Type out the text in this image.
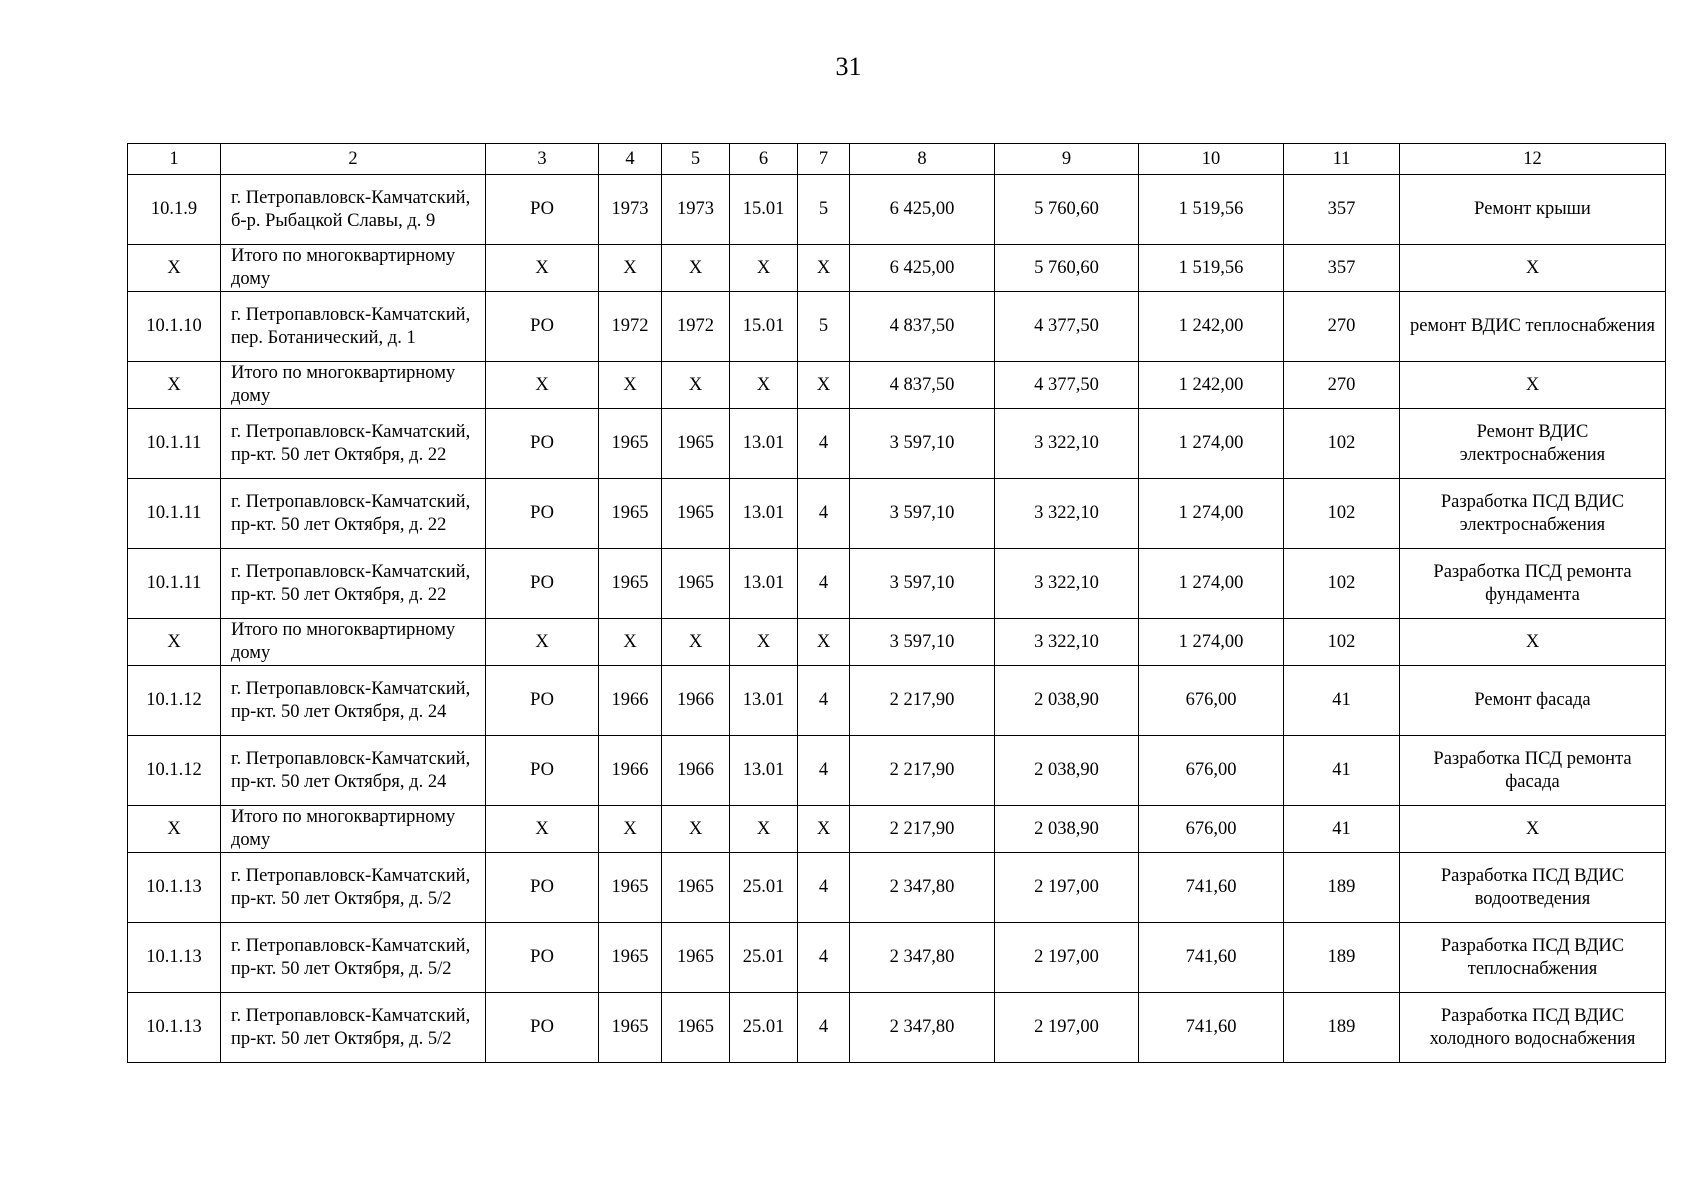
31
1	2	3	4	5	6	7	8	9	10	11	12
10.1.9	г. Петропавловск-Камчатский, б-р. Рыбацкой Славы, д. 9	РО	1973	1973	15.01	5	6 425,00	5 760,60	1 519,56	357	Ремонт крыши
X	Итого по многоквартирному дому	X	X	X	X	X	6 425,00	5 760,60	1 519,56	357	X
10.1.10	г. Петропавловск-Камчатский, пер. Ботанический, д. 1	РО	1972	1972	15.01	5	4 837,50	4 377,50	1 242,00	270	ремонт ВДИС теплоснабжения
X	Итого по многоквартирному дому	X	X	X	X	X	4 837,50	4 377,50	1 242,00	270	X
10.1.11	г. Петропавловск-Камчатский, пр-кт. 50 лет Октября, д. 22	РО	1965	1965	13.01	4	3 597,10	3 322,10	1 274,00	102	Ремонт ВДИС электроснабжения
10.1.11	г. Петропавловск-Камчатский, пр-кт. 50 лет Октября, д. 22	РО	1965	1965	13.01	4	3 597,10	3 322,10	1 274,00	102	Разработка ПСД ВДИС электроснабжения
10.1.11	г. Петропавловск-Камчатский, пр-кт. 50 лет Октября, д. 22	РО	1965	1965	13.01	4	3 597,10	3 322,10	1 274,00	102	Разработка ПСД ремонта фундамента
X	Итого по многоквартирному дому	X	X	X	X	X	3 597,10	3 322,10	1 274,00	102	X
10.1.12	г. Петропавловск-Камчатский, пр-кт. 50 лет Октября, д. 24	РО	1966	1966	13.01	4	2 217,90	2 038,90	676,00	41	Ремонт фасада
10.1.12	г. Петропавловск-Камчатский, пр-кт. 50 лет Октября, д. 24	РО	1966	1966	13.01	4	2 217,90	2 038,90	676,00	41	Разработка ПСД ремонта фасада
X	Итого по многоквартирному дому	X	X	X	X	X	2 217,90	2 038,90	676,00	41	X
10.1.13	г. Петропавловск-Камчатский, пр-кт. 50 лет Октября, д. 5/2	РО	1965	1965	25.01	4	2 347,80	2 197,00	741,60	189	Разработка ПСД ВДИС водоотведения
10.1.13	г. Петропавловск-Камчатский, пр-кт. 50 лет Октября, д. 5/2	РО	1965	1965	25.01	4	2 347,80	2 197,00	741,60	189	Разработка ПСД ВДИС теплоснабжения
10.1.13	г. Петропавловск-Камчатский, пр-кт. 50 лет Октября, д. 5/2	РО	1965	1965	25.01	4	2 347,80	2 197,00	741,60	189	Разработка ПСД ВДИС холодного водоснабжения
